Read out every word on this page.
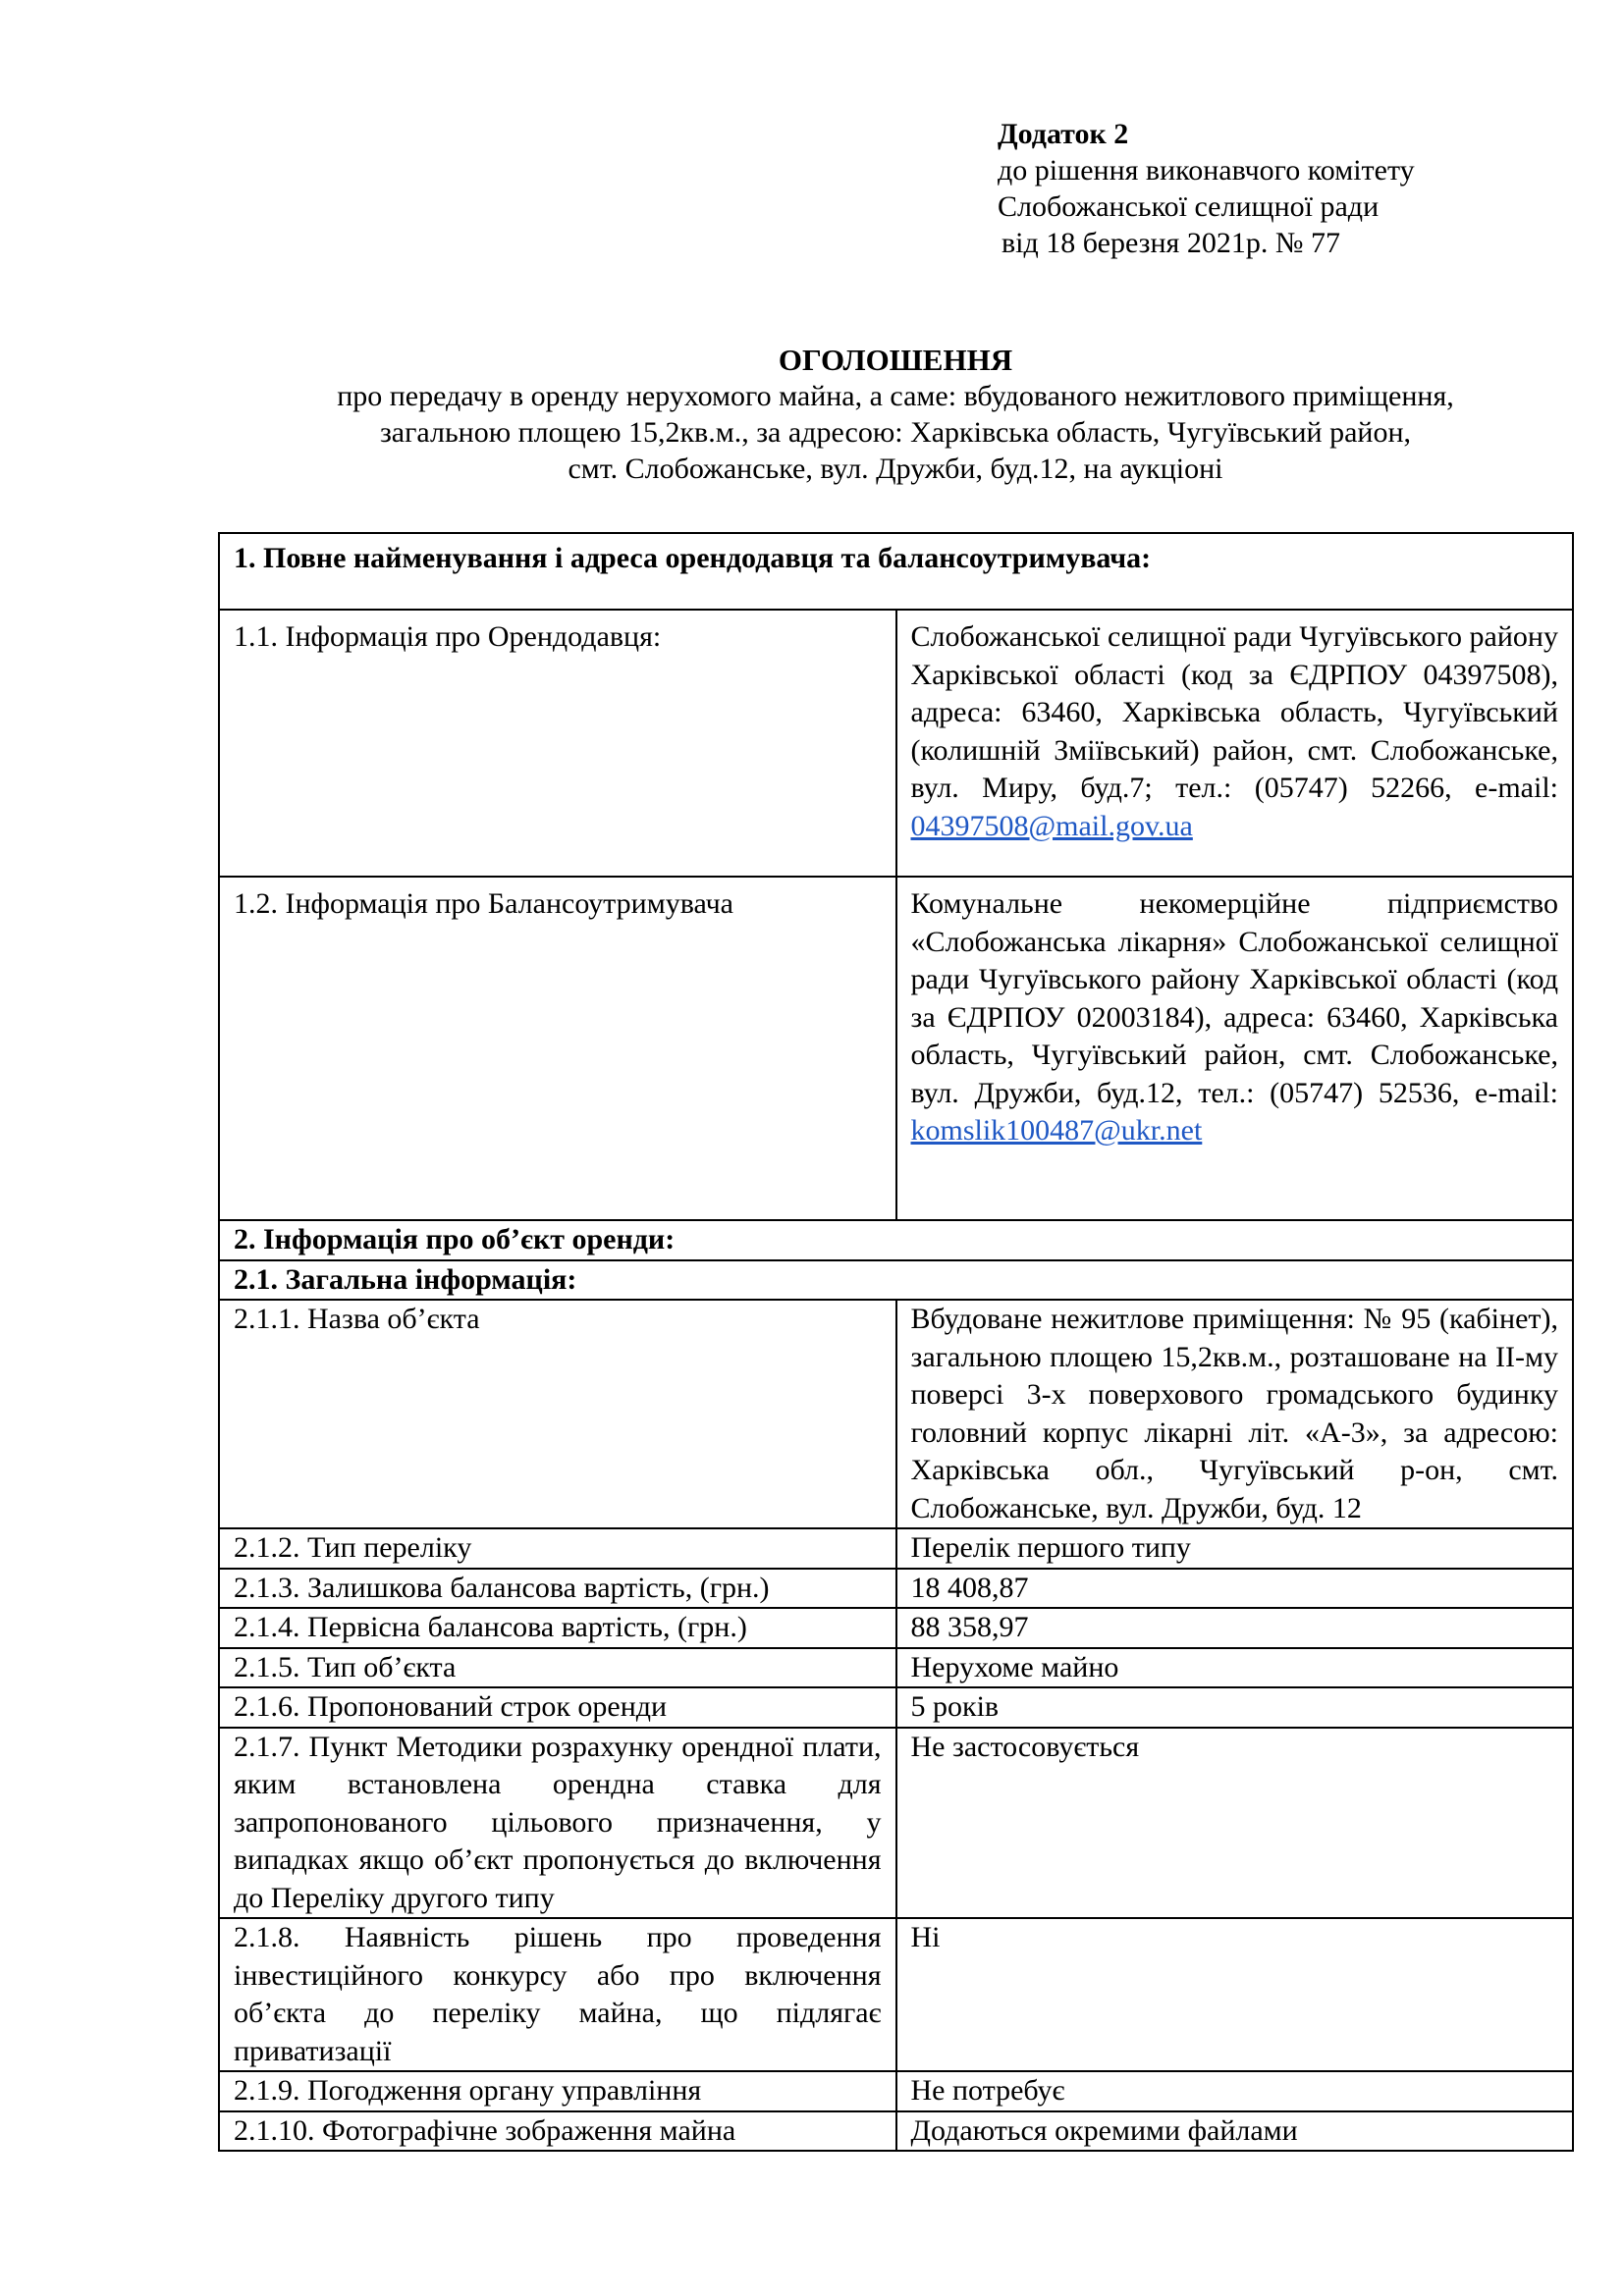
Додаток 2
до рішення виконавчого комітету
Слобожанської селищної ради
від 18 березня 2021р. № 77
ОГОЛОШЕННЯ
про передачу в оренду нерухомого майна, а саме: вбудованого нежитлового приміщення,
загальною площею 15,2кв.м., за адресою: Харківська область, Чугуївський район,
смт. Слобожанське, вул. Дружби, буд.12, на аукціоні
1. Повне найменування і адреса орендодавця та балансоутримувача:	
1.1. Інформація про Орендодавця:	Слобожанської селищної ради Чугуївського району Харківської області (код за ЄДРПОУ 04397508), адреса: 63460, Харківська область, Чугуївський (колишній Зміївський) район, смт. Слобожанське, вул. Миру, буд.7; тел.: (05747) 52266, e-mail: 04397508@mail.gov.ua
1.2. Інформація про Балансоутримувача	Комунальне некомерційне підприємство «Слобожанська лікарня» Слобожанської селищної ради Чугуївського району Харківської області (код за ЄДРПОУ 02003184), адреса: 63460, Харківська область, Чугуївський район, смт. Слобожанське, вул. Дружби, буд.12, тел.: (05747) 52536, e-mail: komslik100487@ukr.net
2. Інформація про об’єкт оренди:	
2.1. Загальна інформація:	
2.1.1. Назва об’єкта	Вбудоване нежитлове приміщення: № 95 (кабінет), загальною площею 15,2кв.м., розташоване на ІІ-му поверсі 3-х поверхового громадського будинку головний корпус лікарні літ. «А-3», за адресою: Харківська обл., Чугуївський р-он, смт. Слобожанське, вул. Дружби, буд. 12
2.1.2. Тип переліку	Перелік першого типу
2.1.3. Залишкова балансова вартість, (грн.)	18 408,87
2.1.4. Первісна балансова вартість, (грн.)	88 358,97
2.1.5. Тип об’єкта	Нерухоме майно
2.1.6. Пропонований строк оренди	5 років
2.1.7. Пункт Методики розрахунку орендної плати, яким встановлена орендна ставка для запропонованого цільового призначення, у випадках якщо об’єкт пропонується до включення до Переліку другого типу	Не застосовується
2.1.8. Наявність рішень про проведення інвестиційного конкурсу або про включення об’єкта до переліку майна, що підлягає приватизації	Ні
2.1.9. Погодження органу управління	Не потребує
2.1.10. Фотографічне зображення майна	Додаються окремими файлами
